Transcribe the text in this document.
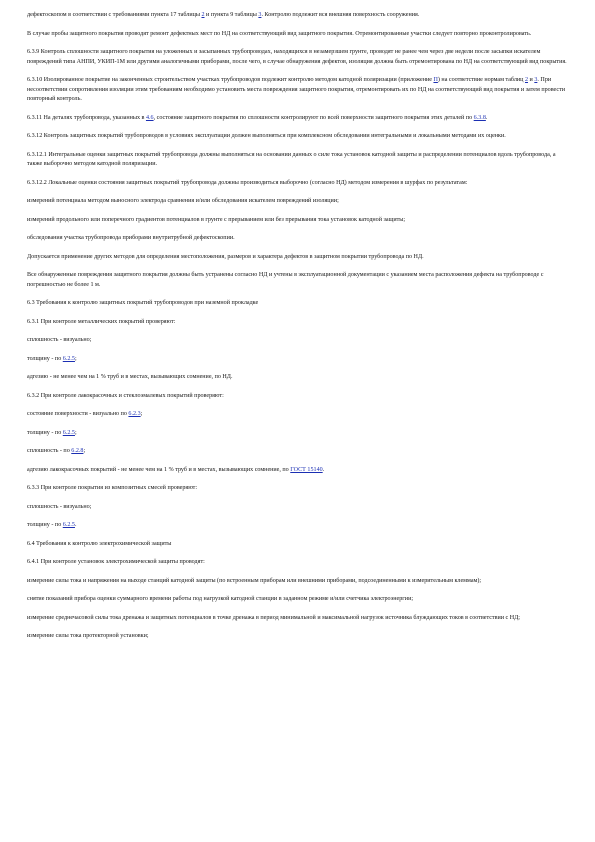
дефектоскопом в соответствии с требованиями пункта 17 таблицы 2 и пункта 9 таблицы 3. Контролю подлежит вся внешняя поверхность сооружения.

В случае пробы защитного покрытия проводят ремонт дефектных мест по НД на соответствующий вид защитного покрытия. Отремонтированные участки следует повторно проконтролировать.

6.3.9 Контроль сплошности защитного покрытия на уложенных и засыпанных трубопроводах, находящихся в незамерзшем грунте, проводят не ранее чем через две недели после засыпки искателем повреждений типа АНПИ, УКИП-1М или другими аналогичными приборами, после чего, в случае обнаружения дефектов, изоляция должна быть отремонтирована по НД на соответствующий вид покрытия.

6.3.10 Изолированное покрытие на законченных строительством участках трубопроводов подлежит контролю методом катодной поляризации (приложение П) на соответствие нормам таблиц 2 и 3. При несоответствии сопротивления изоляции этим требованиям необходимо установить места повреждения защитного покрытия, отремонтировать их по НД на соответствующий вид покрытия и затем провести повторный контроль.

6.3.11 На деталях трубопровода, указанных в 4.6, состояние защитного покрытия по сплошности контролируют по всей поверхности защитного покрытия этих деталей по 6.3.8.

6.3.12 Контроль защитных покрытий трубопроводов в условиях эксплуатации должен выполняться при комплексном обследовании интегральными и локальными методами их оценки.

6.3.12.1 Интегральные оценки защитных покрытий трубопровода должны выполняться на основании данных о силе тока установок катодной защиты и распределении потенциалов вдоль трубопровода, а также выборочно методом катодной поляризации.

6.3.12.2 Локальные оценки состояния защитных покрытий трубопровода должны производиться выборочно (согласно НД) методом измерения в шурфах по результатам:

измерений потенциала методом выносного электрода сравнения и/или обследования искателем повреждений изоляции;

измерений продольного или поперечного градиентов потенциалов в грунте с прерыванием или без прерывания тока установок катодной защиты;

обследования участка трубопровода приборами внутритрубной дефектоскопии.

Допускается применение других методов для определения местоположения, размеров и характера дефектов в защитном покрытии трубопровода по НД.

Все обнаруженные повреждения защитного покрытия должны быть устранены согласно НД и учтены в эксплуатационной документации с указанием места расположения дефекта на трубопроводе с погрешностью не более 1 м.

6.3 Требования к контролю защитных покрытий трубопроводов при наземной прокладке

6.3.1 При контроле металлических покрытий проверяют:

сплошность - визуально;

толщину - по 6.2.5;

адгезию - не менее чем на 1 % труб и в местах, вызывающих сомнение, по НД.

6.3.2 При контроле лакокрасочных и стеклоэмалевых покрытий проверяют:

состояние поверхности - визуально по 6.2.3;

толщину - по 6.2.5;

сплошность - по 6.2.8;

адгезию лакокрасочных покрытий - не менее чем на 1 % труб и в местах, вызывающих сомнение, по ГОСТ 15140.

6.3.3 При контроле покрытия из композитных смесей проверяют:

сплошность - визуально;

толщину - по 6.2.5.

6.4 Требования к контролю электрохимической защиты

6.4.1 При контроле установок электрохимической защиты проводят:

измерение силы тока и напряжения на выходе станций катодной защиты (по встроенным приборам или внешними приборами, подсоединенными к измерительным клеммам);

снятие показаний прибора оценки суммарного времени работы под нагрузкой катодной станции в заданном режиме и/или счетчика электроэнергии;

измерение среднечасовой силы тока дренажа и защитных потенциалов в точке дренажа в период минимальной и максимальной нагрузок источника блуждающих токов в соответствии с НД;

измерение силы тока протекторной установки;
